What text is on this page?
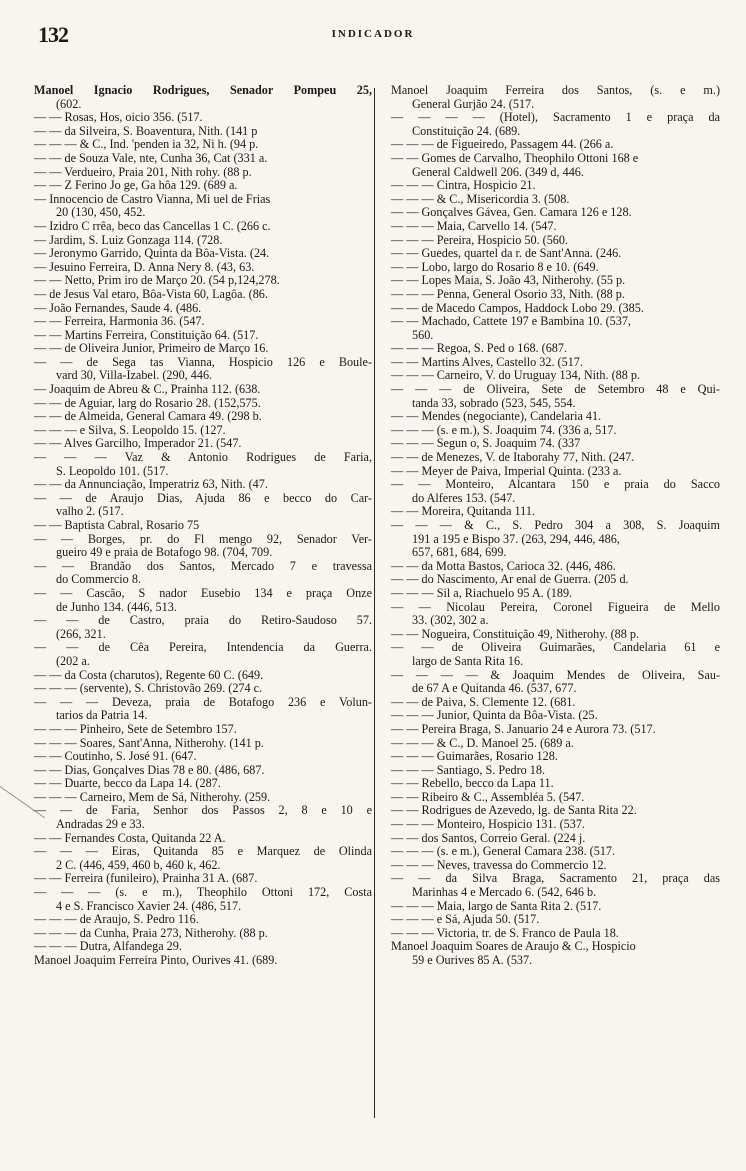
132	INDICADOR
Manoel Ignacio Rodrigues, Senador Pompeu 25,
(602.
— — Rosas, Hos, oicio 356. (517.
— — da Silveira, S. Boaventura, Nith. (141 p
— — — & C., Ind. 'penden ia 32, Ni h. (94 p.
— — de Souza Vale, nte, Cunha 36, Cat (331 a.
— — Verdueiro, Praia 201, Nith rohy. (88 p.
— — Z Ferino Jo ge, Ga hôa 129. (689 a.
— Innocencio de Castro Vianna, Mi uel de Frias
20 (130, 450, 452.
— Izidro C rrêa, beco das Cancellas 1 C. (266 c.
— Jardim, S. Luiz Gonzaga 114. (728.
— Jeronymo Garrido, Quinta da Bôa-Vista. (24.
— Jesuino Ferreira, D. Anna Nery 8. (43, 63.
— — Netto, Prim iro de Março 20. (54 p,124,278.
— de Jesus Val etaro, Bôa-Vista 60, Lagôa. (86.
— João Fernandes, Saude 4. (486.
— — Ferreira, Harmonia 36. (547.
— — Martins Ferreira, Constituição 64. (517.
— — de Oliveira Junior, Primeiro de Março 16.
— — de Sega tas Vianna, Hospicio 126 e Boule-
vard 30, Villa-Izabel. (290, 446.
— Joaquim de Abreu & C., Prainha 112. (638.
— — de Aguiar, larg do Rosario 28. (152,575.
— — de Almeida, General Camara 49. (298 b.
— — — e Silva, S. Leopoldo 15. (127.
— — Alves Garcilho, Imperador 21. (547.
— — — Vaz & Antonio Rodrigues de Faria,
S. Leopoldo 101. (517.
— — da Annunciação, Imperatriz 63, Nith. (47.
— — de Araujo Dias, Ajuda 86 e becco do Car-
valho 2. (517.
— — Baptista Cabral, Rosario 75
— — Borges, pr. do Fl mengo 92, Senador Ver-
gueiro 49 e praia de Botafogo 98. (704, 709.
— — Brandão dos Santos, Mercado 7 e travessa
do Commercio 8.
— — Cascão, S nador Eusebio 134 e praça Onze
de Junho 134. (446, 513.
— — de Castro, praia do Retiro-Saudoso 57.
(266, 321.
— — de Cêa Pereira, Intendencia da Guerra.
(202 a.
— — da Costa (charutos), Regente 60 C. (649.
— — — (servente), S. Christovão 269. (274 c.
— — — Deveza, praia de Botafogo 236 e Volun-
tarios da Patria 14.
— — — Pinheiro, Sete de Setembro 157.
— — — Soares, Sant'Anna, Nitherohy. (141 p.
— — Coutinho, S. José 91. (647.
— — Dias, Gonçalves Dias 78 e 80. (486, 687.
— — Duarte, becco da Lapa 14. (287.
— — — Carneiro, Mem de Sá, Nitherohy. (259.
— — de Faria, Senhor dos Passos 2, 8 e 10 e
Andradas 29 e 33.
— — Fernandes Costa, Quitanda 22 A.
— — — Eiras, Quitanda 85 e Marquez de Olinda
2 C. (446, 459, 460 b, 460 k, 462.
— — Ferreira (funileiro), Prainha 31 A. (687.
— — — (s. e m.), Theophilo Ottoni 172, Costa
4 e S. Francisco Xavier 24. (486, 517.
— — — de Araujo, S. Pedro 116.
— — — da Cunha, Praia 273, Nitherohy. (88 p.
— — — Dutra, Alfandega 29.
Manoel Joaquim Ferreira Pinto, Ourives 41. (689.
Manoel Joaquim Ferreira dos Santos, (s. e m.)
General Gurjão 24. (517.
— — — — (Hotel), Sacramento 1 e praça da
Constituição 24. (689.
— — — de Figueiredo, Passagem 44. (266 a.
— — Gomes de Carvalho, Theophilo Ottoni 168 e
General Caldwell 206. (349 d, 446.
— — — Cintra, Hospicio 21.
— — — & C., Misericordia 3. (508.
— — Gonçalves Gávea, Gen. Camara 126 e 128.
— — — Maia, Carvello 14. (547.
— — — Pereira, Hospicio 50. (560.
— — Guedes, quartel da r. de Sant'Anna. (246.
— — Lobo, largo do Rosario 8 e 10. (649.
— — Lopes Maia, S. João 43, Nitherohy. (55 p.
— — — Penna, General Osorio 33, Nith. (88 p.
— — de Macedo Campos, Haddock Lobo 29. (385.
— — Machado, Cattete 197 e Bambina 10. (537,
560.
— — — Regoa, S. Ped o 168. (687.
— — Martins Alves, Castello 32. (517.
— — — Carneiro, V. do Uruguay 134, Nith. (88 p.
— — — de Oliveira, Sete de Setembro 48 e Qui-
tanda 33, sobrado (523, 545, 554.
— — Mendes (negociante), Candelaria 41.
— — — (s. e m.), S. Joaquim 74. (336 a, 517.
— — — Segun o, S. Joaquim 74. (337
— — de Menezes, V. de Itaborahy 77, Nith. (247.
— — Meyer de Paiva, Imperial Quinta. (233 a.
— — Monteiro, Alcantara 150 e praia do Sacco
do Alferes 153. (547.
— — Moreira, Quitanda 111.
— — — & C., S. Pedro 304 a 308, S. Joaquim
191 a 195 e Bispo 37. (263, 294, 446, 486,
657, 681, 684, 699.
— — da Motta Bastos, Carioca 32. (446, 486.
— — do Nascimento, Ar enal de Guerra. (205 d.
— — — Sil a, Riachuelo 95 A. (189.
— — Nicolau Pereira, Coronel Figueira de Mello
33. (302, 302 a.
— — Nogueira, Constituição 49, Nitherohy. (88 p.
— — de Oliveira Guimarães, Candelaria 61 e
largo de Santa Rita 16.
— — — — & Joaquim Mendes de Oliveira, Sau-
de 67 A e Quitanda 46. (537, 677.
— — de Paiva, S. Clemente 12. (681.
— — — Junior, Quinta da Bôa-Vista. (25.
— — Pereira Braga, S. Januario 24 e Aurora 73. (517.
— — — & C., D. Manoel 25. (689 a.
— — — Guimarães, Rosario 128.
— — — Santiago, S. Pedro 18.
— — Rebello, becco da Lapa 11.
— — Ribeiro & C., Assembléa 5. (547.
— — Rodrigues de Azevedo, lg. de Santa Rita 22.
— — — Monteiro, Hospicio 131. (537.
— — dos Santos, Correio Geral. (224 j.
— — — (s. e m.), General Camara 238. (517.
— — — Neves, travessa do Commercio 12.
— — da Silva Braga, Sacramento 21, praça das
Marinhas 4 e Mercado 6. (542, 646 b.
— — — Maia, largo de Santa Rita 2. (517.
— — — e Sá, Ajuda 50. (517.
— — — Victoria, tr. de S. Franco de Paula 18.
Manoel Joaquim Soares de Araujo & C., Hospicio
59 e Ourives 85 A. (537.
